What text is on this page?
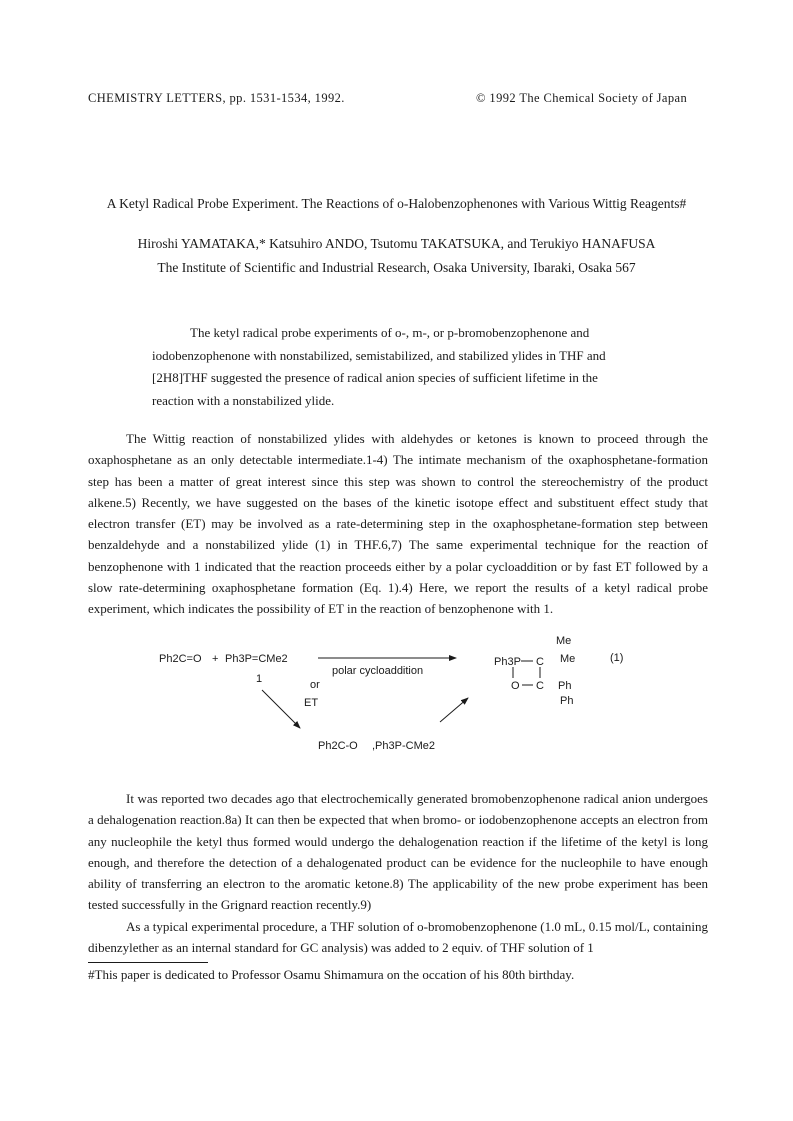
CHEMISTRY LETTERS, pp. 1531-1534, 1992.	© 1992 The Chemical Society of Japan
A Ketyl Radical Probe Experiment. The Reactions of o-Halobenzophenones with Various Wittig Reagents#
Hiroshi YAMATAKA,* Katsuhiro ANDO, Tsutomu TAKATSUKA, and Terukiyo HANAFUSA
The Institute of Scientific and Industrial Research, Osaka University, Ibaraki, Osaka 567

The ketyl radical probe experiments of o-, m-, or p-bromobenzophenone and iodobenzophenone with nonstabilized, semistabilized, and stabilized ylides in THF and [2H8]THF suggested the presence of radical anion species of sufficient lifetime in the reaction with a nonstabilized ylide.

The Wittig reaction of nonstabilized ylides with aldehydes or ketones is known to proceed through the oxaphosphetane as an only detectable intermediate.1-4) The intimate mechanism of the oxaphosphetane-formation step has been a matter of great interest since this step was shown to control the stereochemistry of the product alkene.5) Recently, we have suggested on the bases of the kinetic isotope effect and substituent effect study that electron transfer (ET) may be involved as a rate-determining step in the oxaphosphetane-formation step between benzaldehyde and a nonstabilized ylide (1) in THF.6,7) The same experimental technique for the reaction of benzophenone with 1 indicated that the reaction proceeds either by a polar cycloaddition or by fast ET followed by a slow rate-determining oxaphosphetane formation (Eq. 1).4) Here, we report the results of a ketyl radical probe experiment, which indicates the possibility of ET in the reaction of benzophenone with 1.

Ph2C=O + Ph3P=CMe2
1
polar cycloaddition
or
ET
Ph2C-O ,Ph3P-CMe2
Ph3P C
Me
Me
O C Ph
Ph
(1)

It was reported two decades ago that electrochemically generated bromobenzophenone radical anion undergoes a dehalogenation reaction.8a) It can then be expected that when bromo- or iodobenzophenone accepts an electron from any nucleophile the ketyl thus formed would undergo the dehalogenation reaction if the lifetime of the ketyl is long enough, and therefore the detection of a dehalogenated product can be evidence for the nucleophile to have enough ability of transferring an electron to the aromatic ketone.8) The applicability of the new probe experiment has been tested successfully in the Grignard reaction recently.9)

As a typical experimental procedure, a THF solution of o-bromobenzophenone (1.0 mL, 0.15 mol/L, containing dibenzylether as an internal standard for GC analysis) was added to 2 equiv. of THF solution of 1

#This paper is dedicated to Professor Osamu Shimamura on the occation of his 80th birthday.
